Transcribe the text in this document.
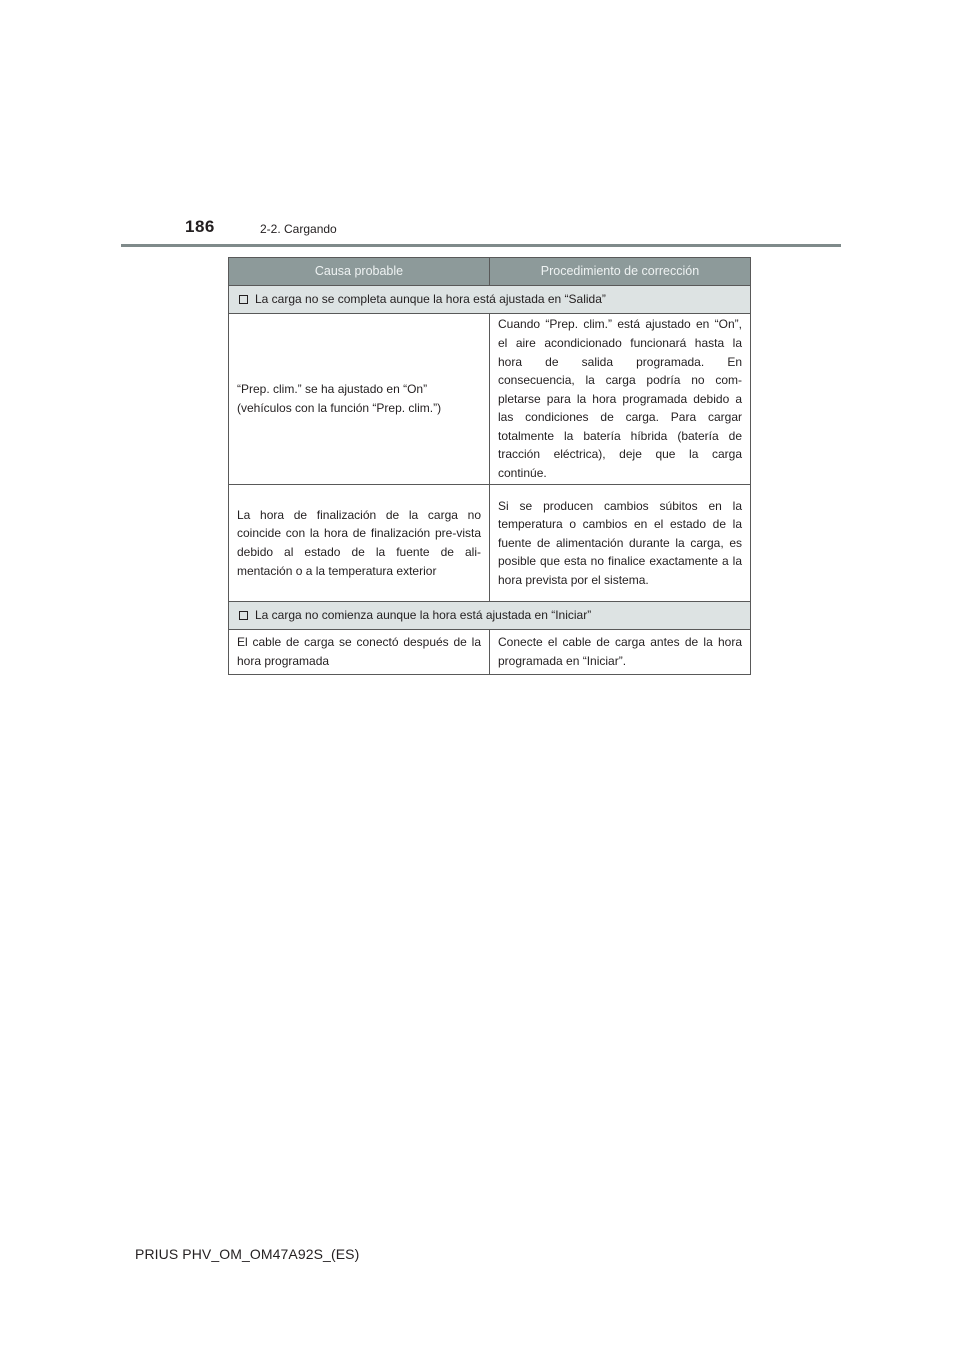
186	2-2. Cargando
Causa probable	Procedimiento de corrección
La carga no se completa aunque la hora está ajustada en “Salida”	
“Prep. clim.” se ha ajustado en “On” (vehículos con la función “Prep. clim.”)	Cuando “Prep. clim.” está ajustado en “On”, el aire acondicionado funcionará hasta la hora de salida programada. En consecuencia, la carga podría no com-pletarse para la hora programada debido a las condiciones de carga. Para cargar totalmente la batería híbrida (batería de tracción eléctrica), deje que la carga continúe.
La hora de finalización de la carga no coincide con la hora de finalización pre-vista debido al estado de la fuente de ali-mentación o a la temperatura exterior	Si se producen cambios súbitos en la temperatura o cambios en el estado de la fuente de alimentación durante la carga, es posible que esta no finalice exactamente a la hora prevista por el sistema.
La carga no comienza aunque la hora está ajustada en “Iniciar”	
El cable de carga se conectó después de la hora programada	Conecte el cable de carga antes de la hora programada en “Iniciar”.
PRIUS PHV_OM_OM47A92S_(ES)
